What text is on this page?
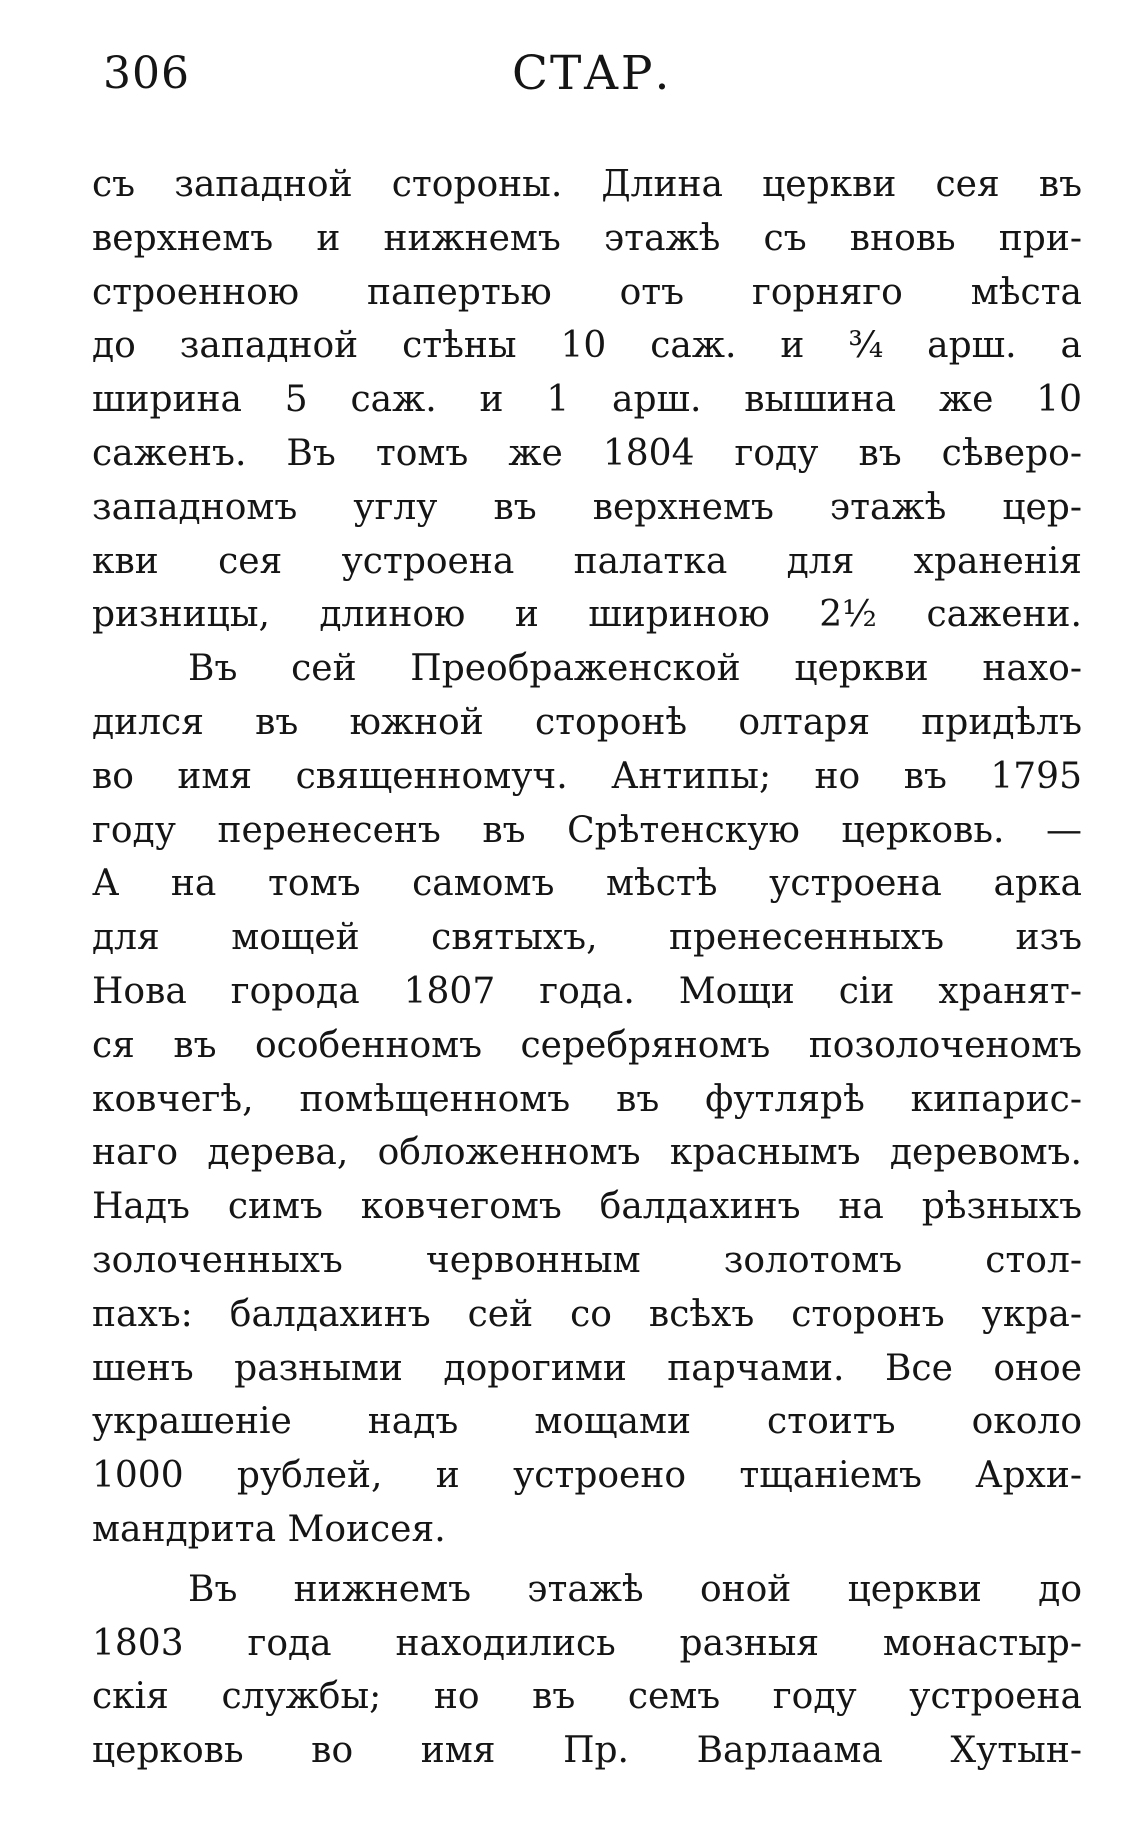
306	СТАР.
съ западной стороны. Длина церкви сея въ
верхнемъ и нижнемъ этажѣ съ вновь при-
строенною папертью отъ горняго мѣста
до западной стѣны 10 саж. и ¾ арш. а
ширина 5 саж. и 1 арш. вышина же 10
саженъ. Въ томъ же 1804 году въ сѣверо-
западномъ углу въ верхнемъ этажѣ цер-
кви сея устроена палатка для храненія
ризницы, длиною и шириною 2½ сажени.
Въ сей Преображенской церкви нахо-
дился въ южной сторонѣ олтаря придѣлъ
во имя священномуч. Антипы; но въ 1795
году перенесенъ въ Срѣтенскую церковь. —
А на томъ самомъ мѣстѣ устроена арка
для мощей святыхъ, пренесенныхъ изъ
Нова города 1807 года. Мощи сіи хранят-
ся въ особенномъ серебряномъ позолоченомъ
ковчегѣ, помѣщенномъ въ футлярѣ кипарис-
наго дерева, обложенномъ краснымъ деревомъ.
Надъ симъ ковчегомъ балдахинъ на рѣзныхъ
золоченныхъ червонным золотомъ стол-
пахъ: балдахинъ сей со всѣхъ сторонъ укра-
шенъ разными дорогими парчами. Все оное
украшеніе надъ мощами стоитъ около
1000 рублей, и устроено тщаніемъ Архи-
мандрита Моисея.
Въ нижнемъ этажѣ оной церкви до
1803 года находились разныя монастыр-
скія службы; но въ семъ году устроена
церковь во имя Пр. Варлаама Хутын-
